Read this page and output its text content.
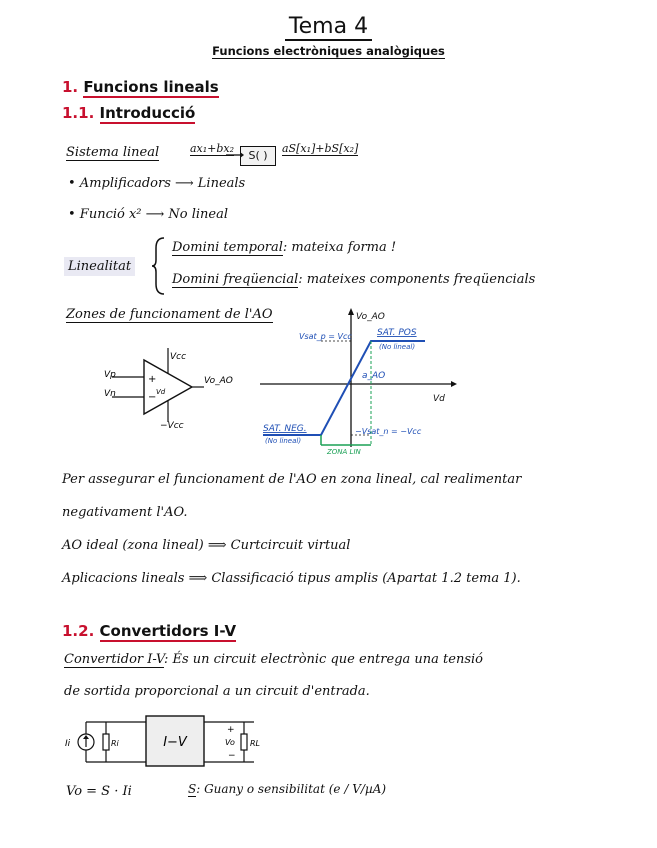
Tema 4
Funcions electròniques analògiques
1. Funcions lineals
1.1. Introducció
Sistema lineal	ax₁+bx₂
S( )
aS[x₁]+bS[x₂]
• Amplificadors ⟶ Lineals
• Funció x² ⟶ No lineal
Linealitat
Domini temporal: mateixa forma !
Domini freqüencial: mateixes components freqüencials
Zones de funcionament de l'AO
Vcc
Vp
Vn
+
− Vd
Vo_AO
−Vcc
Vo_AO
Vd
Vsat_p = Vcc	SAT. POS
(No lineal)
a_AO
SAT. NEG.
(No lineal)
−Vsat_n = −Vcc
ZONA LIN
Per assegurar el funcionament de l'AO en zona lineal, cal realimentar
negativament l'AO.
AO ideal (zona lineal) ⟹ Curtcircuit virtual
Aplicacions lineals ⟹ Classificació tipus amplis (Apartat 1.2 tema 1).
1.2. Convertidors I-V
Convertidor I-V: És un circuit electrònic que entrega una tensió
de sortida proporcional a un circuit d'entrada.
Ii	Ri	I−V
+
Vo
−
RL
Vo = S · Ii	S: Guany o sensibilitat (e / V/µA)
